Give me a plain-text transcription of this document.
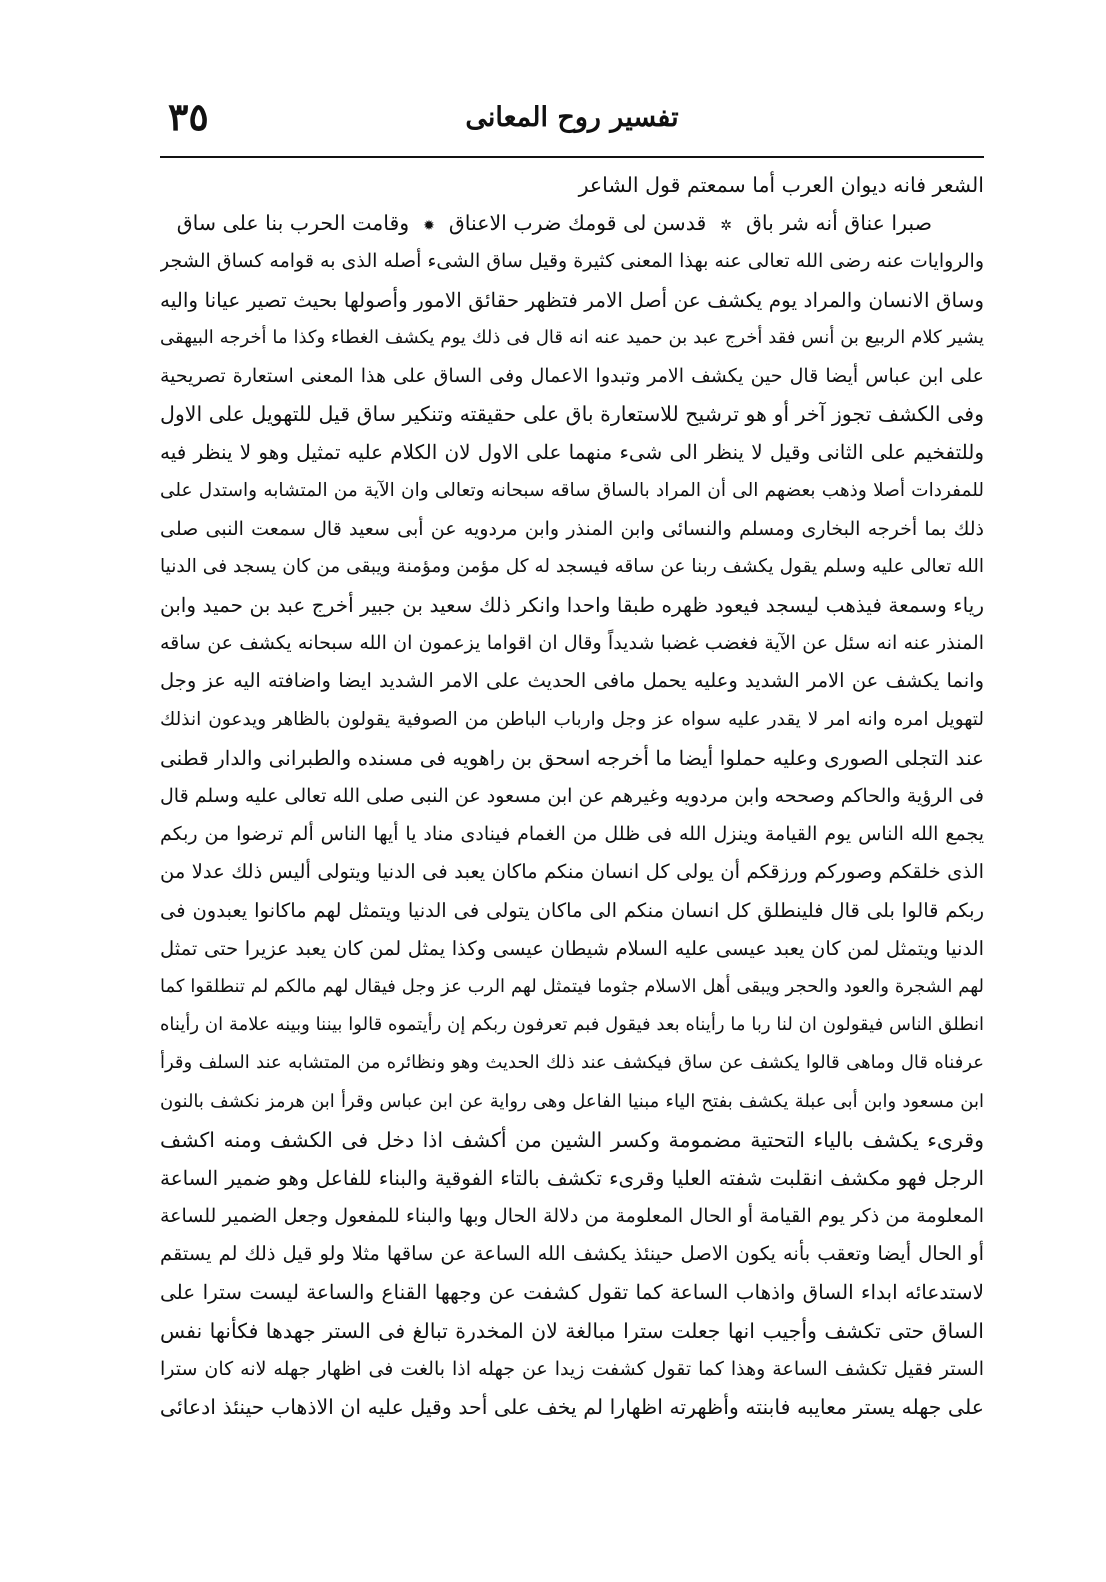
تفسير روح المعانى
٣٥
الشعر فانه ديوان العرب أما سمعتم قول الشاعر
صبرا عناق أنه شر باق✲قدسن لى قومك ضرب الاعناق✹وقامت الحرب بنا على ساق
والروايات عنه رضى الله تعالى عنه بهذا المعنى كثيرة وقيل ساق الشىء أصله الذى به قوامه كساق الشجر
وساق الانسان والمراد يوم يكشف عن أصل الامر فتظهر حقائق الامور وأصولها بحيث تصير عيانا واليه
يشير كلام الربيع بن أنس فقد أخرج عبد بن حميد عنه انه قال فى ذلك يوم يكشف الغطاء وكذا ما أخرجه البيهقى
على ابن عباس أيضا قال حين يكشف الامر وتبدوا الاعمال وفى الساق على هذا المعنى استعارة تصريحية
وفى الكشف تجوز آخر أو هو ترشيح للاستعارة باق على حقيقته وتنكير ساق قيل للتهويل على الاول
وللتفخيم على الثانى وقيل لا ينظر الى شىء منهما على الاول لان الكلام عليه تمثيل وهو لا ينظر فيه
للمفردات أصلا وذهب بعضهم الى أن المراد بالساق ساقه سبحانه وتعالى وان الآية من المتشابه واستدل على
ذلك بما أخرجه البخارى ومسلم والنسائى وابن المنذر وابن مردويه عن أبى سعيد قال سمعت النبى صلى
الله تعالى عليه وسلم يقول يكشف ربنا عن ساقه فيسجد له كل مؤمن ومؤمنة ويبقى من كان يسجد فى الدنيا
رياء وسمعة فيذهب ليسجد فيعود ظهره طبقا واحدا وانكر ذلك سعيد بن جبير أخرج عبد بن حميد وابن
المنذر عنه انه سئل عن الآية فغضب غضبا شديداً وقال ان اقواما يزعمون ان الله سبحانه يكشف عن ساقه
وانما يكشف عن الامر الشديد وعليه يحمل مافى الحديث على الامر الشديد ايضا واضافته اليه عز وجل
لتهويل امره وانه امر لا يقدر عليه سواه عز وجل وارباب الباطن من الصوفية يقولون بالظاهر ويدعون انذلك
عند التجلى الصورى وعليه حملوا أيضا ما أخرجه اسحق بن راهويه فى مسنده والطبرانى والدار قطنى
فى الرؤية والحاكم وصححه وابن مردويه وغيرهم عن ابن مسعود عن النبى صلى الله تعالى عليه وسلم قال
يجمع الله الناس يوم القيامة وينزل الله فى ظلل من الغمام فينادى مناد يا أيها الناس ألم ترضوا من ربكم
الذى خلقكم وصوركم ورزقكم أن يولى كل انسان منكم ماكان يعبد فى الدنيا ويتولى أليس ذلك عدلا من
ربكم قالوا بلى قال فلينطلق كل انسان منكم الى ماكان يتولى فى الدنيا ويتمثل لهم ماكانوا يعبدون فى
الدنيا ويتمثل لمن كان يعبد عيسى عليه السلام شيطان عيسى وكذا يمثل لمن كان يعبد عزيرا حتى تمثل
لهم الشجرة والعود والحجر ويبقى أهل الاسلام جثوما فيتمثل لهم الرب عز وجل فيقال لهم مالكم لم تنطلقوا كما
انطلق الناس فيقولون ان لنا ربا ما رأيناه بعد فيقول فبم تعرفون ربكم إن رأيتموه قالوا بيننا وبينه علامة ان رأيناه
عرفناه قال وماهى قالوا يكشف عن ساق فيكشف عند ذلك الحديث وهو ونظائره من المتشابه عند السلف وقرأ
ابن مسعود وابن أبى عبلة يكشف بفتح الياء مبنيا الفاعل وهى رواية عن ابن عباس وقرأ ابن هرمز نكشف بالنون
وقرىء يكشف بالياء التحتية مضمومة وكسر الشين من أكشف اذا دخل فى الكشف ومنه اكشف
الرجل فهو مكشف انقلبت شفته العليا وقرىء تكشف بالتاء الفوقية والبناء للفاعل وهو ضمير الساعة
المعلومة من ذكر يوم القيامة أو الحال المعلومة من دلالة الحال وبها والبناء للمفعول وجعل الضمير للساعة
أو الحال أيضا وتعقب بأنه يكون الاصل حينئذ يكشف الله الساعة عن ساقها مثلا ولو قيل ذلك لم يستقم
لاستدعائه ابداء الساق واذهاب الساعة كما تقول كشفت عن وجهها القناع والساعة ليست سترا على
الساق حتى تكشف وأجيب انها جعلت سترا مبالغة لان المخدرة تبالغ فى الستر جهدها فكأنها نفس
الستر فقيل تكشف الساعة وهذا كما تقول كشفت زيدا عن جهله اذا بالغت فى اظهار جهله لانه كان سترا
على جهله يستر معايبه فابنته وأظهرته اظهارا لم يخف على أحد وقيل عليه ان الاذهاب حينئذ ادعائى
